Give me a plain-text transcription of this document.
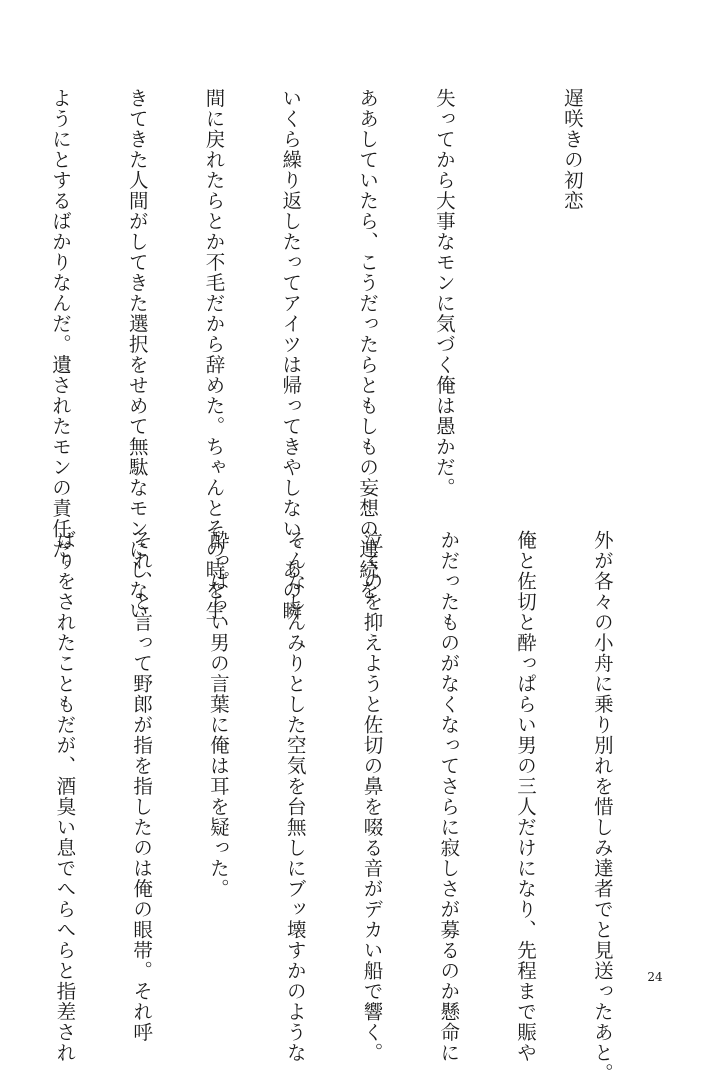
遅咲きの初恋

失ってから大事なモンに気づく俺は愚かだ。

ああしていたら、こうだったらともしもの妄想の連続を

いくら繰り返したってアイツは帰ってきやしない。あの瞬

間に戻れたらとか不毛だから辞めた。ちゃんとその時を生

きてきた人間がしてきた選択をせめて無駄なモンにしない

ようにとするばかりなんだ。遺されたモンの責任だ。

外が各々の小舟に乗り別れを惜しみ達者でと見送ったあと。

俺と佐切と酔っぱらい男の三人だけになり、先程まで賑や

かだったものがなくなってさらに寂しさが募るのか懸命に

泣くのを抑えようと佐切の鼻を啜る音がデカい船で響く。

そんなしんみりとした空気を台無しにブッ壊すかのような

酔っぱらい男の言葉に俺は耳を疑った。

それ、と言って野郎が指を指したのは俺の眼帯。それ呼

ばりをされたこともだが、酒臭い息でへらへらと指差され

	24
